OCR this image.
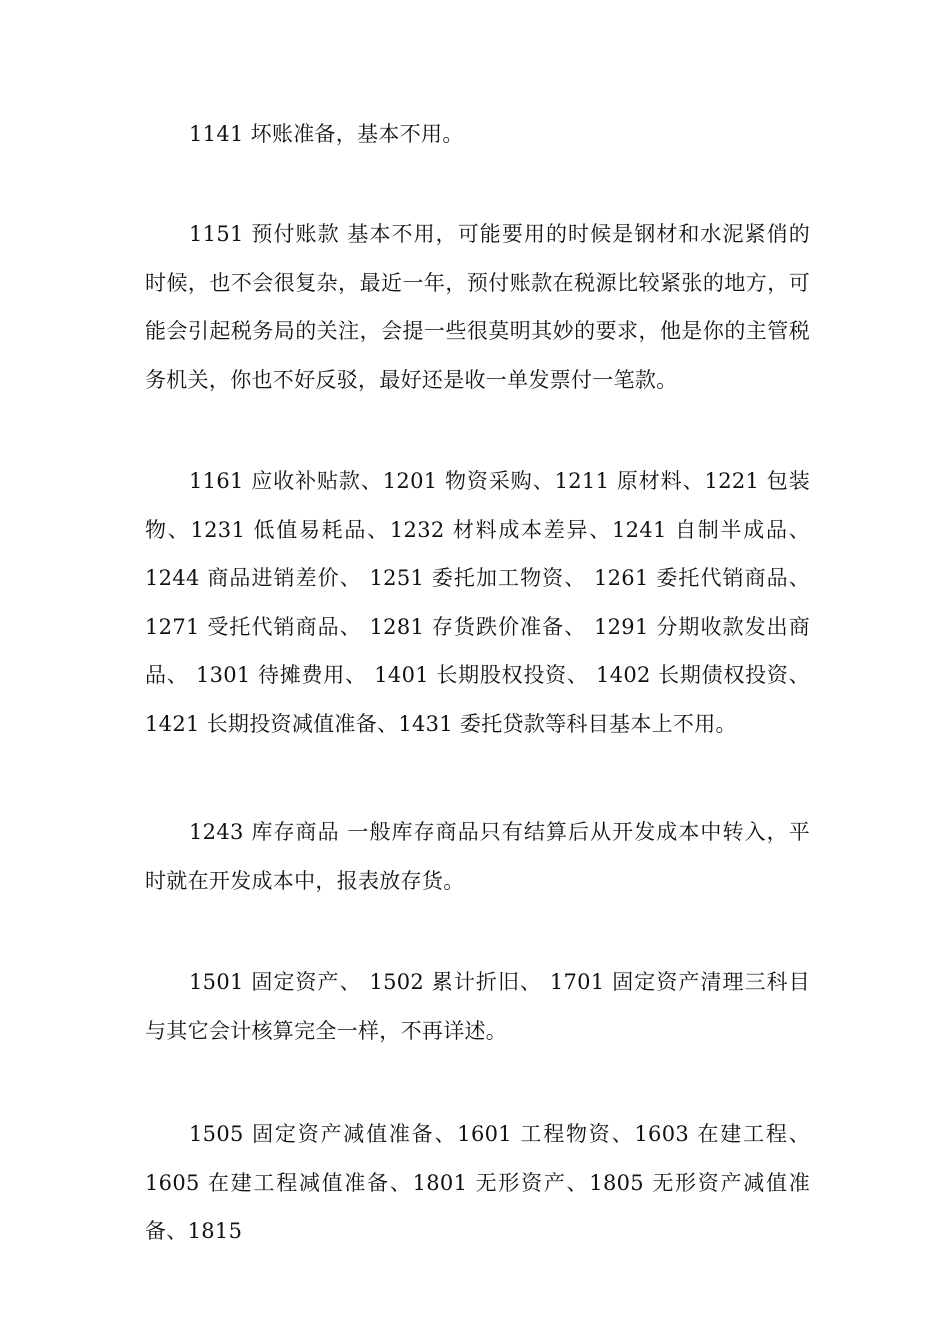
1141 坏账准备，基本不用。

1151 预付账款 基本不用，可能要用的时候是钢材和水泥紧俏的时候，也不会很复杂，最近一年，预付账款在税源比较紧张的地方，可能会引起税务局的关注，会提一些很莫明其妙的要求，他是你的主管税务机关，你也不好反驳，最好还是收一单发票付一笔款。

1161 应收补贴款、1201 物资采购、1211 原材料、1221 包装物、1231 低值易耗品、1232 材料成本差异、1241 自制半成品、1244 商品进销差价、 1251 委托加工物资、 1261 委托代销商品、 1271 受托代销商品、 1281 存货跌价准备、 1291 分期收款发出商品、 1301 待摊费用、 1401 长期股权投资、 1402 长期债权投资、 1421 长期投资减值准备、1431 委托贷款等科目基本上不用。

1243 库存商品 一般库存商品只有结算后从开发成本中转入，平时就在开发成本中，报表放存货。

1501 固定资产、 1502 累计折旧、 1701 固定资产清理三科目与其它会计核算完全一样，不再详述。

1505 固定资产减值准备、1601 工程物资、1603 在建工程、1605 在建工程减值准备、1801 无形资产、1805 无形资产减值准备、1815
